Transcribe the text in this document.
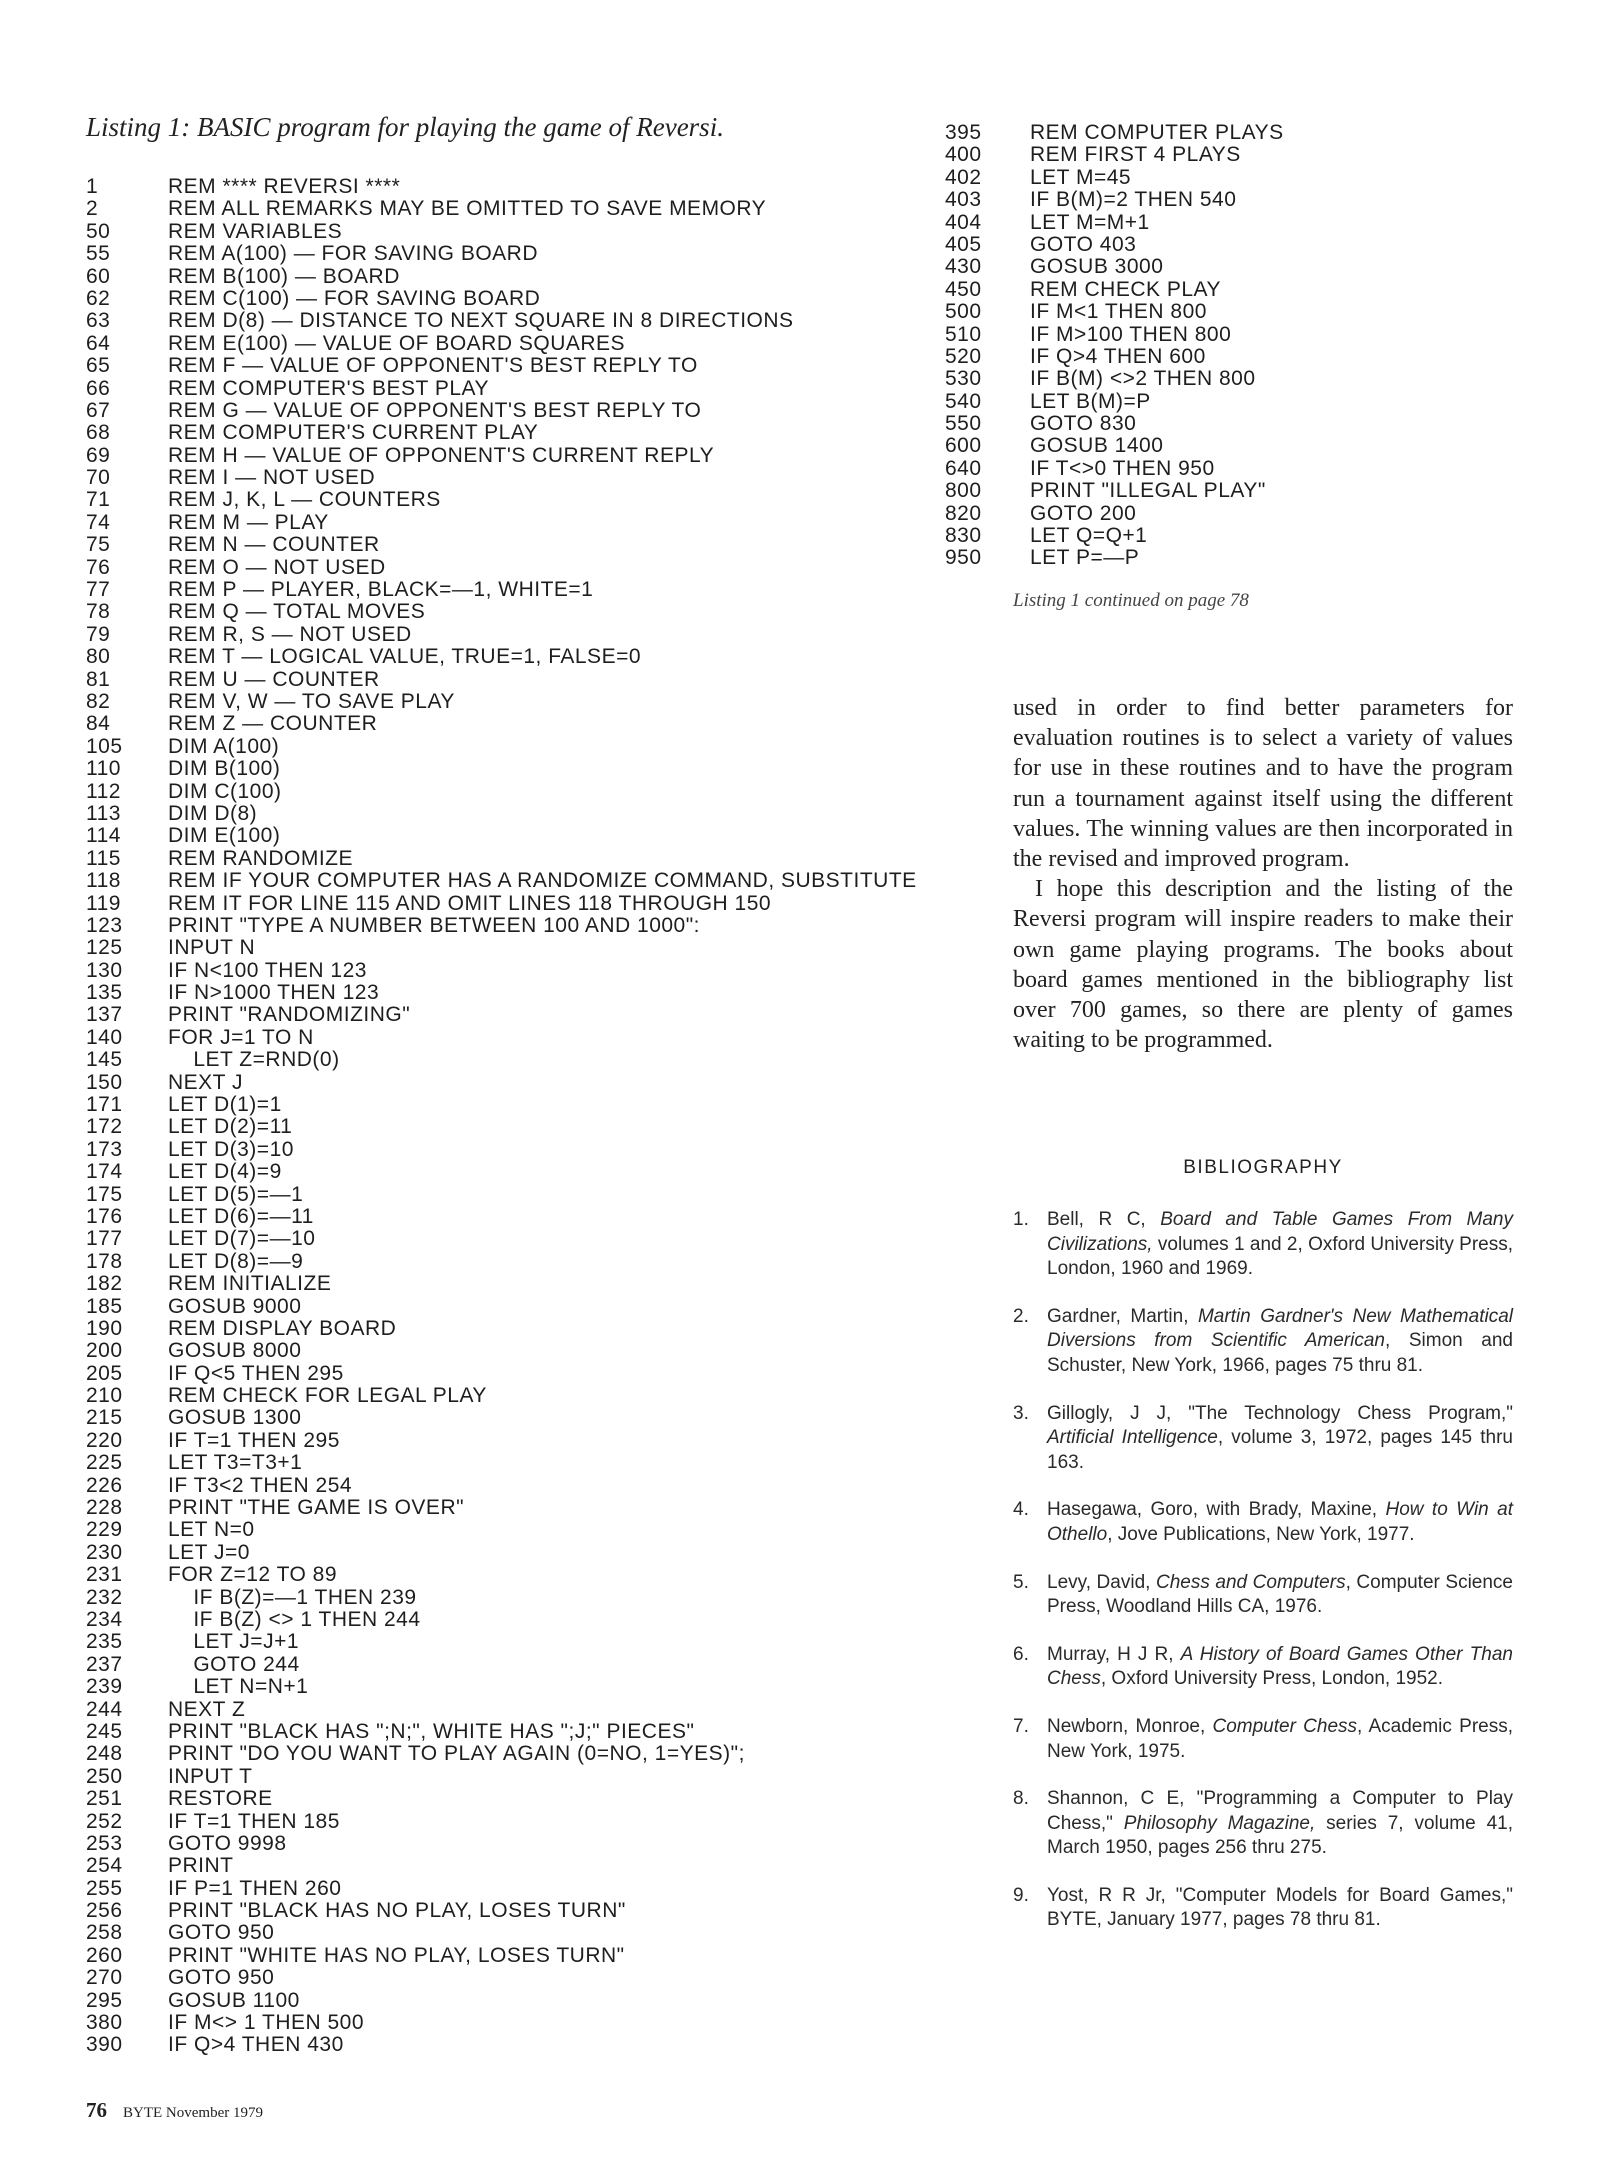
Listing 1: BASIC program for playing the game of Reversi.
1	REM **** REVERSI ****
2	REM ALL REMARKS MAY BE OMITTED TO SAVE MEMORY
50	REM VARIABLES
55	REM A(100) — FOR SAVING BOARD
60	REM B(100) — BOARD
62	REM C(100) — FOR SAVING BOARD
63	REM D(8) — DISTANCE TO NEXT SQUARE IN 8 DIRECTIONS
64	REM E(100) — VALUE OF BOARD SQUARES
65	REM F — VALUE OF OPPONENT'S BEST REPLY TO
66	REM COMPUTER'S BEST PLAY
67	REM G — VALUE OF OPPONENT'S BEST REPLY TO
68	REM COMPUTER'S CURRENT PLAY
69	REM H — VALUE OF OPPONENT'S CURRENT REPLY
70	REM I — NOT USED
71	REM J, K, L — COUNTERS
74	REM M — PLAY
75	REM N — COUNTER
76	REM O — NOT USED
77	REM P — PLAYER, BLACK=—1, WHITE=1
78	REM Q — TOTAL MOVES
79	REM R, S — NOT USED
80	REM T — LOGICAL VALUE, TRUE=1, FALSE=0
81	REM U — COUNTER
82	REM V, W — TO SAVE PLAY
84	REM Z — COUNTER
105 DIM A(100)
110 DIM B(100)
112 DIM C(100)
113 DIM D(8)
114 DIM E(100)
115 REM RANDOMIZE
118 REM IF YOUR COMPUTER HAS A RANDOMIZE COMMAND, SUBSTITUTE
119 REM IT FOR LINE 115 AND OMIT LINES 118 THROUGH 150
123 PRINT "TYPE A NUMBER BETWEEN 100 AND 1000":
125 INPUT N
130 IF N<100 THEN 123
135 IF N>1000 THEN 123
137 PRINT "RANDOMIZING"
140 FOR J=1 TO N
145 LET Z=RND(0)
150 NEXT J
171 LET D(1)=1
172 LET D(2)=11
173 LET D(3)=10
174 LET D(4)=9
175 LET D(5)=—1
176 LET D(6)=—11
177 LET D(7)=—10
178 LET D(8)=—9
182 REM INITIALIZE
185 GOSUB 9000
190 REM DISPLAY BOARD
200 GOSUB 8000
205 IF Q<5 THEN 295
210 REM CHECK FOR LEGAL PLAY
215 GOSUB 1300
220 IF T=1 THEN 295
225 LET T3=T3+1
226 IF T3<2 THEN 254
228 PRINT "THE GAME IS OVER"
229 LET N=0
230 LET J=0
231 FOR Z=12 TO 89
232 IF B(Z)=—1 THEN 239
234 IF B(Z) <> 1 THEN 244
235 LET J=J+1
237 GOTO 244
239 LET N=N+1
244 NEXT Z
245 PRINT "BLACK HAS ";N;", WHITE HAS ";J;" PIECES"
248 PRINT "DO YOU WANT TO PLAY AGAIN (0=NO, 1=YES)";
250 INPUT T
251 RESTORE
252 IF T=1 THEN 185
253 GOTO 9998
254 PRINT
255 IF P=1 THEN 260
256 PRINT "BLACK HAS NO PLAY, LOSES TURN"
258 GOTO 950
260 PRINT "WHITE HAS NO PLAY, LOSES TURN"
270 GOTO 950
295 GOSUB 1100
380 IF M<> 1 THEN 500
390 IF Q>4 THEN 430
395 REM COMPUTER PLAYS
400 REM FIRST 4 PLAYS
402 LET M=45
403 IF B(M)=2 THEN 540
404 LET M=M+1
405 GOTO 403
430 GOSUB 3000
450 REM CHECK PLAY
500 IF M<1 THEN 800
510 IF M>100 THEN 800
520 IF Q>4 THEN 600
530 IF B(M) <>2 THEN 800
540 LET B(M)=P
550 GOTO 830
600 GOSUB 1400
640 IF T<>0 THEN 950
800 PRINT "ILLEGAL PLAY"
820 GOTO 200
830 LET Q=Q+1
950 LET P=—P
Listing 1 continued on page 78

used in order to find better parameters for evaluation routines is to select a variety of values for use in these routines and to have the program run a tournament against itself using the different values. The winning values are then incorporated in the revised and improved program.

I hope this description and the listing of the Reversi program will inspire readers to make their own game playing programs. The books about board games mentioned in the bibliography list over 700 games, so there are plenty of games waiting to be programmed.

BIBLIOGRAPHY
1. Bell, R C, Board and Table Games From Many Civilizations, volumes 1 and 2, Oxford University Press, London, 1960 and 1969.
2. Gardner, Martin, Martin Gardner's New Mathematical Diversions from Scientific American, Simon and Schuster, New York, 1966, pages 75 thru 81.
3. Gillogly, J J, "The Technology Chess Program," Artificial Intelligence, volume 3, 1972, pages 145 thru 163.
4. Hasegawa, Goro, with Brady, Maxine, How to Win at Othello, Jove Publications, New York, 1977.
5. Levy, David, Chess and Computers, Computer Science Press, Woodland Hills CA, 1976.
6. Murray, H J R, A History of Board Games Other Than Chess, Oxford University Press, London, 1952.
7. Newborn, Monroe, Computer Chess, Academic Press, New York, 1975.
8. Shannon, C E, "Programming a Computer to Play Chess," Philosophy Magazine, series 7, volume 41, March 1950, pages 256 thru 275.
9. Yost, R R Jr, "Computer Models for Board Games," BYTE, January 1977, pages 78 thru 81.
76 BYTE November 1979
